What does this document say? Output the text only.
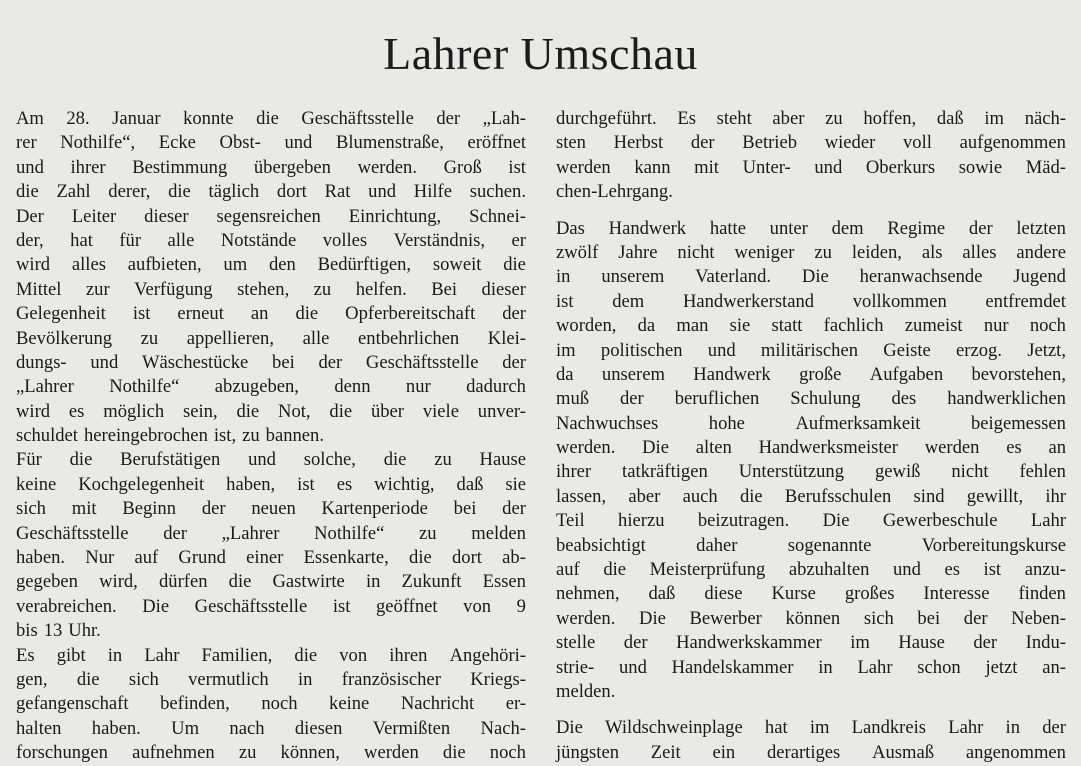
Lahrer Umschau
Am 28. Januar konnte die Geschäftsstelle der „Lah-
rer Nothilfe“, Ecke Obst- und Blumenstraße, eröffnet
und ihrer Bestimmung übergeben werden. Groß ist
die Zahl derer, die täglich dort Rat und Hilfe suchen.
Der Leiter dieser segensreichen Einrichtung, Schnei-
der, hat für alle Notstände volles Verständnis, er
wird alles aufbieten, um den Bedürftigen, soweit die
Mittel zur Verfügung stehen, zu helfen. Bei dieser
Gelegenheit ist erneut an die Opferbereitschaft der
Bevölkerung zu appellieren, alle entbehrlichen Klei-
dungs- und Wäschestücke bei der Geschäftsstelle der
„Lahrer Nothilfe“ abzugeben, denn nur dadurch
wird es möglich sein, die Not, die über viele unver-
schuldet hereingebrochen ist, zu bannen.
Für die Berufstätigen und solche, die zu Hause
keine Kochgelegenheit haben, ist es wichtig, daß sie
sich mit Beginn der neuen Kartenperiode bei der
Geschäftsstelle der „Lahrer Nothilfe“ zu melden
haben. Nur auf Grund einer Essenkarte, die dort ab-
gegeben wird, dürfen die Gastwirte in Zukunft Essen
verabreichen. Die Geschäftsstelle ist geöffnet von 9
bis 13 Uhr.
Es gibt in Lahr Familien, die von ihren Angehöri-
gen, die sich vermutlich in französischer Kriegs-
gefangenschaft befinden, noch keine Nachricht er-
halten haben. Um nach diesen Vermißten Nach-
forschungen aufnehmen zu können, werden die noch
durchgeführt. Es steht aber zu hoffen, daß im näch-
sten Herbst der Betrieb wieder voll aufgenommen
werden kann mit Unter- und Oberkurs sowie Mäd-
chen-Lehrgang.
Das Handwerk hatte unter dem Regime der letzten
zwölf Jahre nicht weniger zu leiden, als alles andere
in unserem Vaterland. Die heranwachsende Jugend
ist dem Handwerkerstand vollkommen entfremdet
worden, da man sie statt fachlich zumeist nur noch
im politischen und militärischen Geiste erzog. Jetzt,
da unserem Handwerk große Aufgaben bevorstehen,
muß der beruflichen Schulung des handwerklichen
Nachwuchses	hohe	Aufmerksamkeit	beigemessen
werden. Die alten Handwerksmeister werden es an
ihrer tatkräftigen Unterstützung gewiß nicht fehlen
lassen, aber auch die Berufsschulen sind gewillt, ihr
Teil hierzu beizutragen. Die Gewerbeschule Lahr
beabsichtigt	daher	sogenannte	Vorbereitungskurse
auf die Meisterprüfung abzuhalten und es ist anzu-
nehmen, daß diese Kurse großes Interesse finden
werden. Die Bewerber können sich bei der Neben-
stelle der Handwerkskammer im Hause der Indu-
strie- und Handelskammer in Lahr schon jetzt an-
melden.
Die Wildschweinplage hat im Landkreis Lahr in der
jüngsten Zeit ein derartiges Ausmaß angenommen
